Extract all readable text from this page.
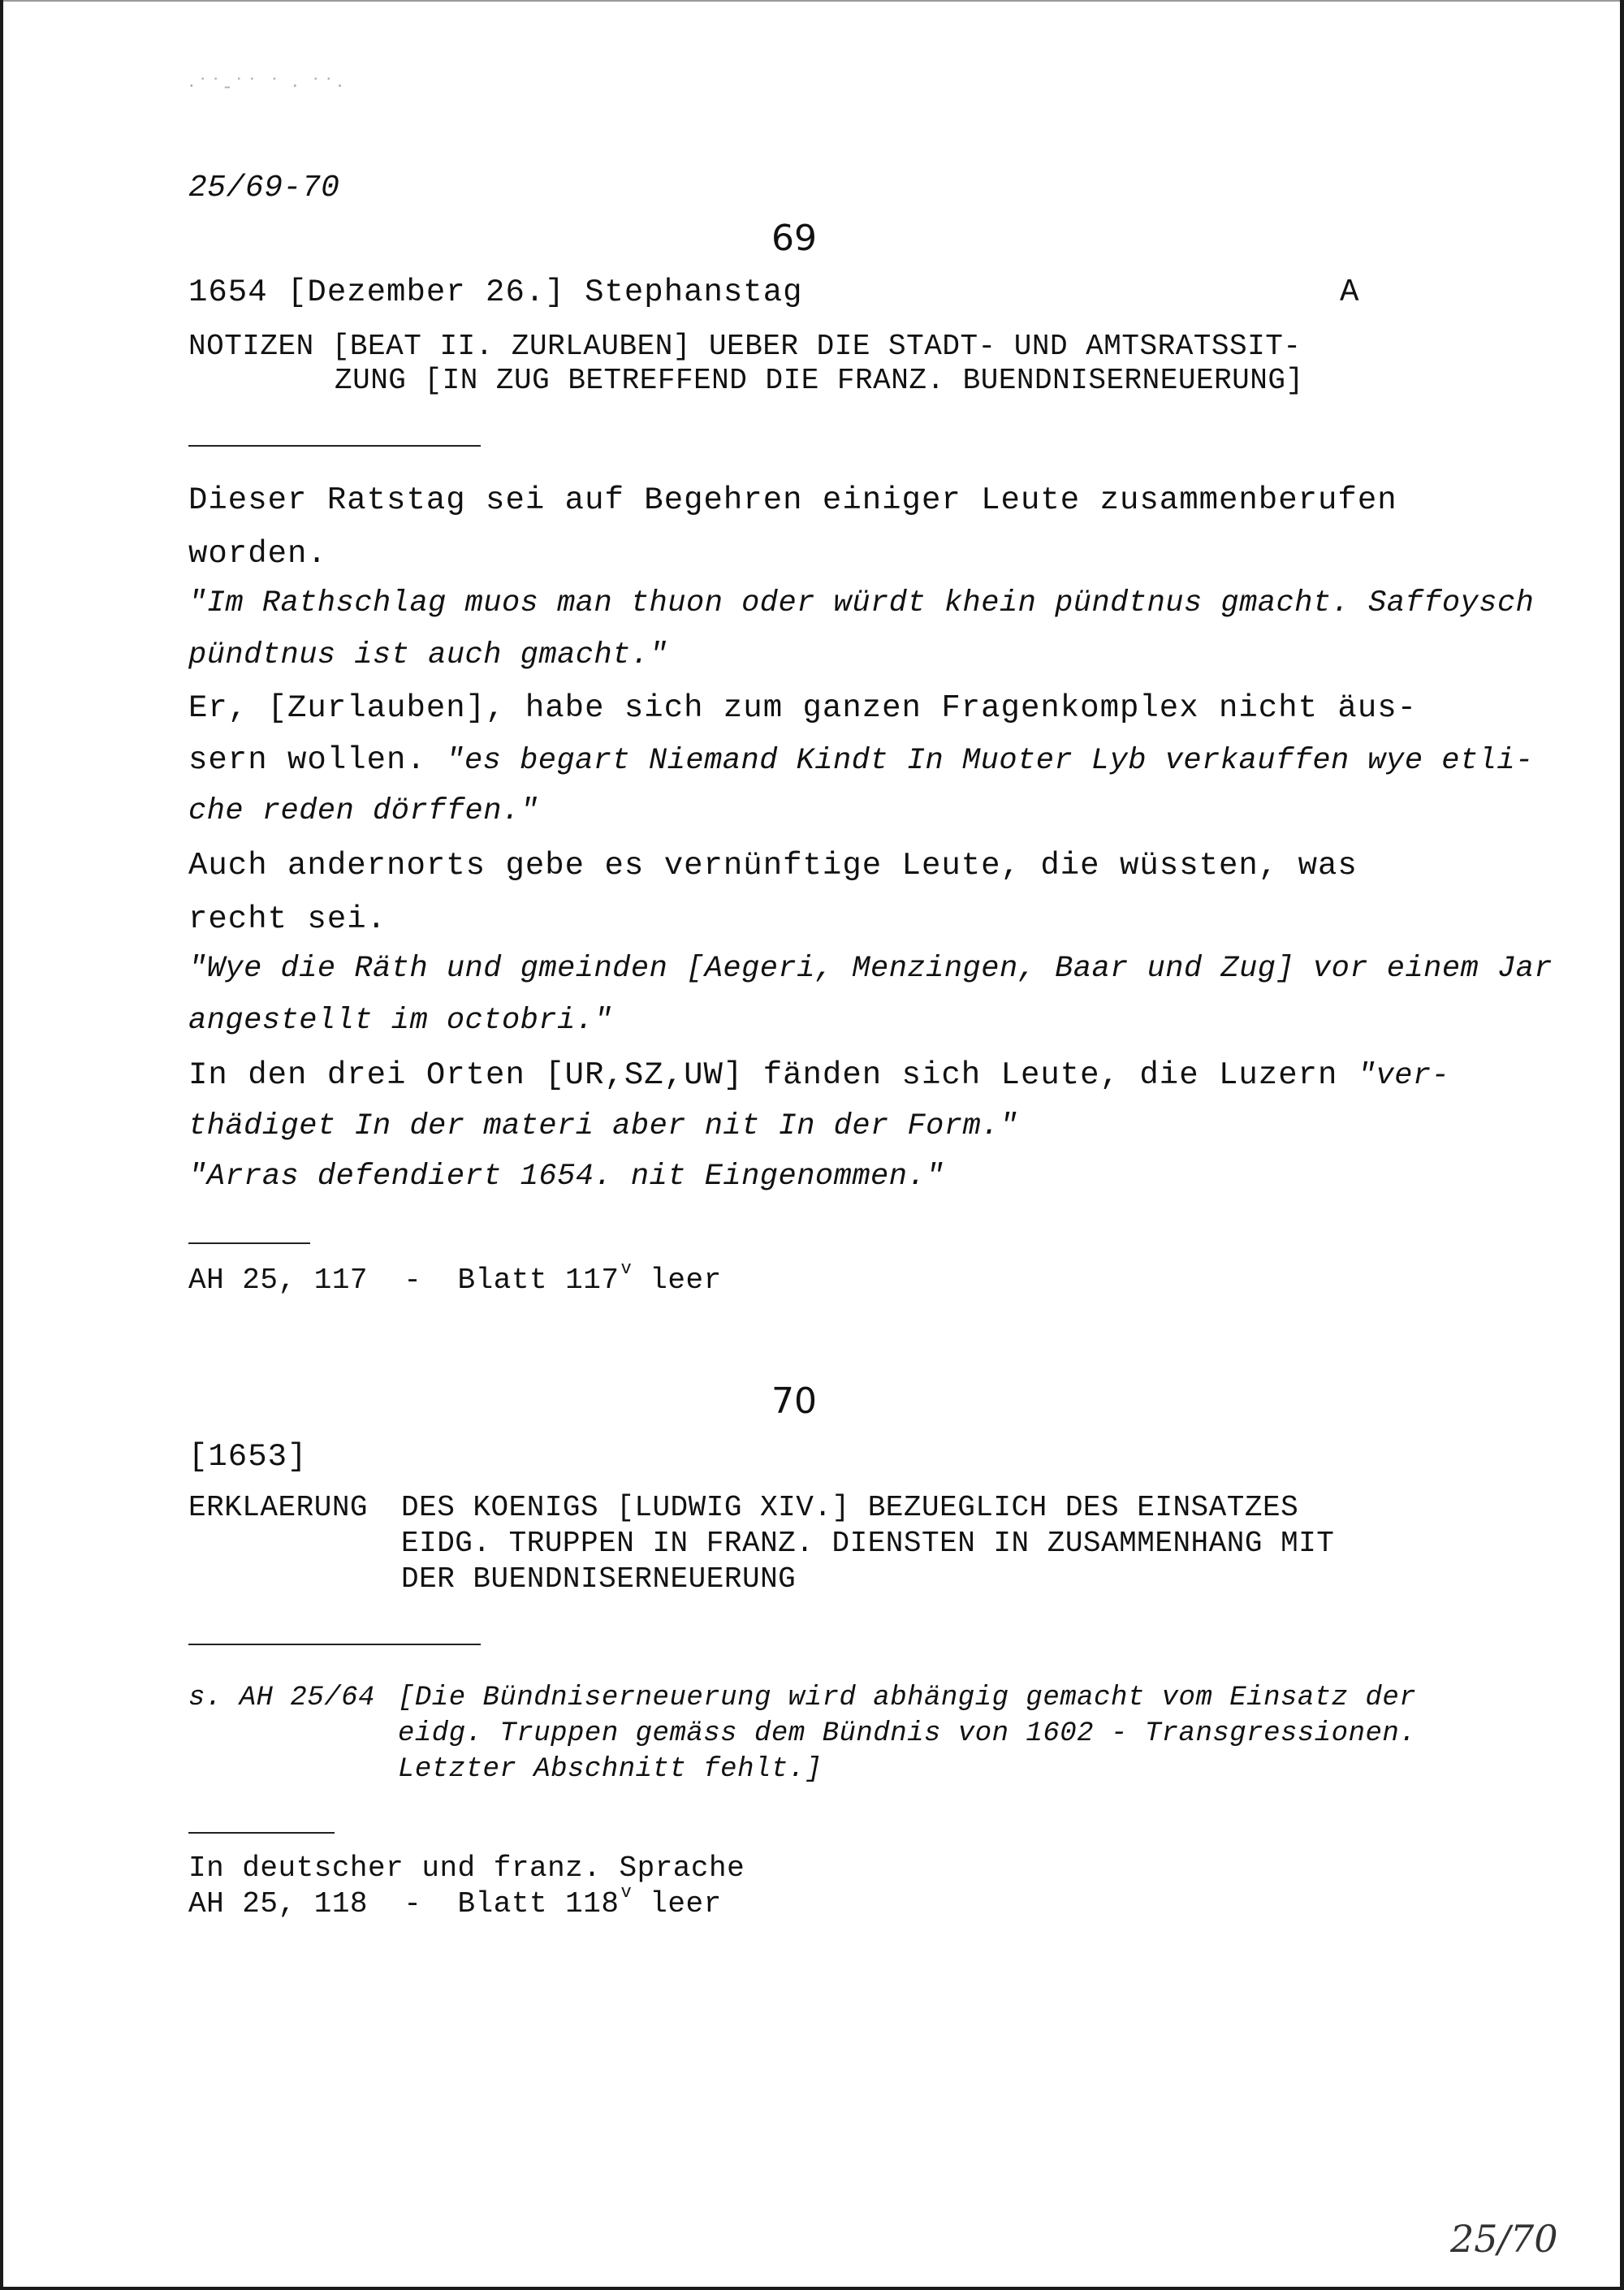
·˙˙-˙˙ ˙ · ˙˙·
25/69-70
69
1654 [Dezember 26.] Stephanstag	A
NOTIZEN [BEAT II. ZURLAUBEN] UEBER DIE STADT- UND AMTSRATSSIT-
ZUNG [IN ZUG BETREFFEND DIE FRANZ. BUENDNISERNEUERUNG]
Dieser Ratstag sei auf Begehren einiger Leute zusammenberufen
worden.
"Im Rathschlag muos man thuon oder würdt khein pündtnus gmacht. Saffoysch
pündtnus ist auch gmacht."
Er, [Zurlauben], habe sich zum ganzen Fragenkomplex nicht äus-
sern wollen. "es begart Niemand Kindt In Muoter Lyb verkauffen wye etli-
che reden dörffen."
Auch andernorts gebe es vernünftige Leute, die wüssten, was
recht sei.
"Wye die Räth und gmeinden [Aegeri, Menzingen, Baar und Zug] vor einem Jar
angestellt im octobri."
In den drei Orten [UR,SZ,UW] fänden sich Leute, die Luzern "ver-
thädiget In der materi aber nit In der Form."
"Arras defendiert 1654. nit Eingenommen."
AH 25, 117  -  Blatt 117$^v$ leer
70
[1653]
ERKLAERUNG DES KOENIGS [LUDWIG XIV.] BEZUEGLICH DES EINSATZES
EIDG. TRUPPEN IN FRANZ. DIENSTEN IN ZUSAMMENHANG MIT
DER BUENDNISERNEUERUNG
s. AH 25/64 [Die Bündniserneuerung wird abhängig gemacht vom Einsatz der
eidg. Truppen gemäss dem Bündnis von 1602 - Transgressionen.
Letzter Abschnitt fehlt.]
In deutscher und franz. Sprache
AH 25, 118  -  Blatt 118$^v$ leer
25/70
